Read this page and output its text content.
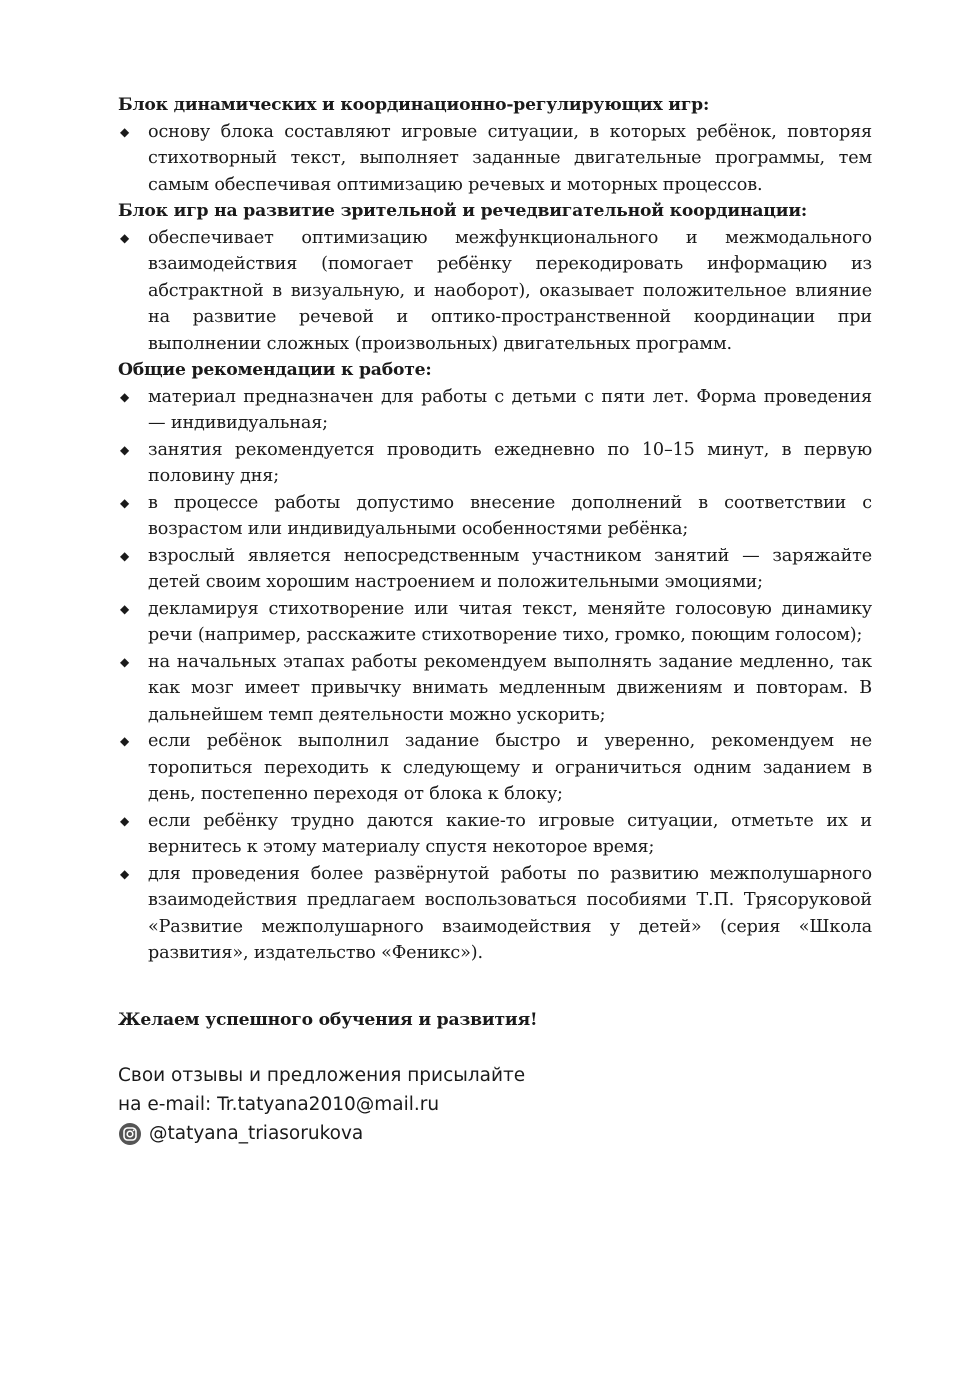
Блок динамических и координационно-регулирующих игр:

◆ основу блока составляют игровые ситуации, в которых ребёнок, повторяя стихотворный текст, выполняет заданные двигательные программы, тем самым обеспечивая оптимизацию речевых и моторных процессов.

Блок игр на развитие зрительной и речедвигательной координации:

◆ обеспечивает оптимизацию межфункционального и межмодального взаимодействия (помогает ребёнку перекодировать информацию из абстрактной в визуальную, и наоборот), оказывает положительное влияние на развитие речевой и оптико-пространственной координации при выполнении сложных (произвольных) двигательных программ.

Общие рекомендации к работе:

◆ материал предназначен для работы с детьми с пяти лет. Форма проведения — индивидуальная;
◆ занятия рекомендуется проводить ежедневно по 10–15 минут, в первую половину дня;
◆ в процессе работы допустимо внесение дополнений в соответствии с возрастом или индивидуальными особенностями ребёнка;
◆ взрослый является непосредственным участником занятий — заряжайте детей своим хорошим настроением и положительными эмоциями;
◆ декламируя стихотворение или читая текст, меняйте голосовую динамику речи (например, расскажите стихотворение тихо, громко, поющим голосом);
◆ на начальных этапах работы рекомендуем выполнять задание медленно, так как мозг имеет привычку внимать медленным движениям и повторам. В дальнейшем темп деятельности можно ускорить;
◆ если ребёнок выполнил задание быстро и уверенно, рекомендуем не торопиться переходить к следующему и ограничиться одним заданием в день, постепенно переходя от блока к блоку;
◆ если ребёнку трудно даются какие-то игровые ситуации, отметьте их и вернитесь к этому материалу спустя некоторое время;
◆ для проведения более развёрнутой работы по развитию межполушарного взаимодействия предлагаем воспользоваться пособиями Т.П. Трясоруковой «Развитие межполушарного взаимодействия у детей» (серия «Школа развития», издательство «Феникс»).

Желаем успешного обучения и развития!

Свои отзывы и предложения присылайте
на e-mail: Tr.tatyana2010@mail.ru
@tatyana_triasorukova
